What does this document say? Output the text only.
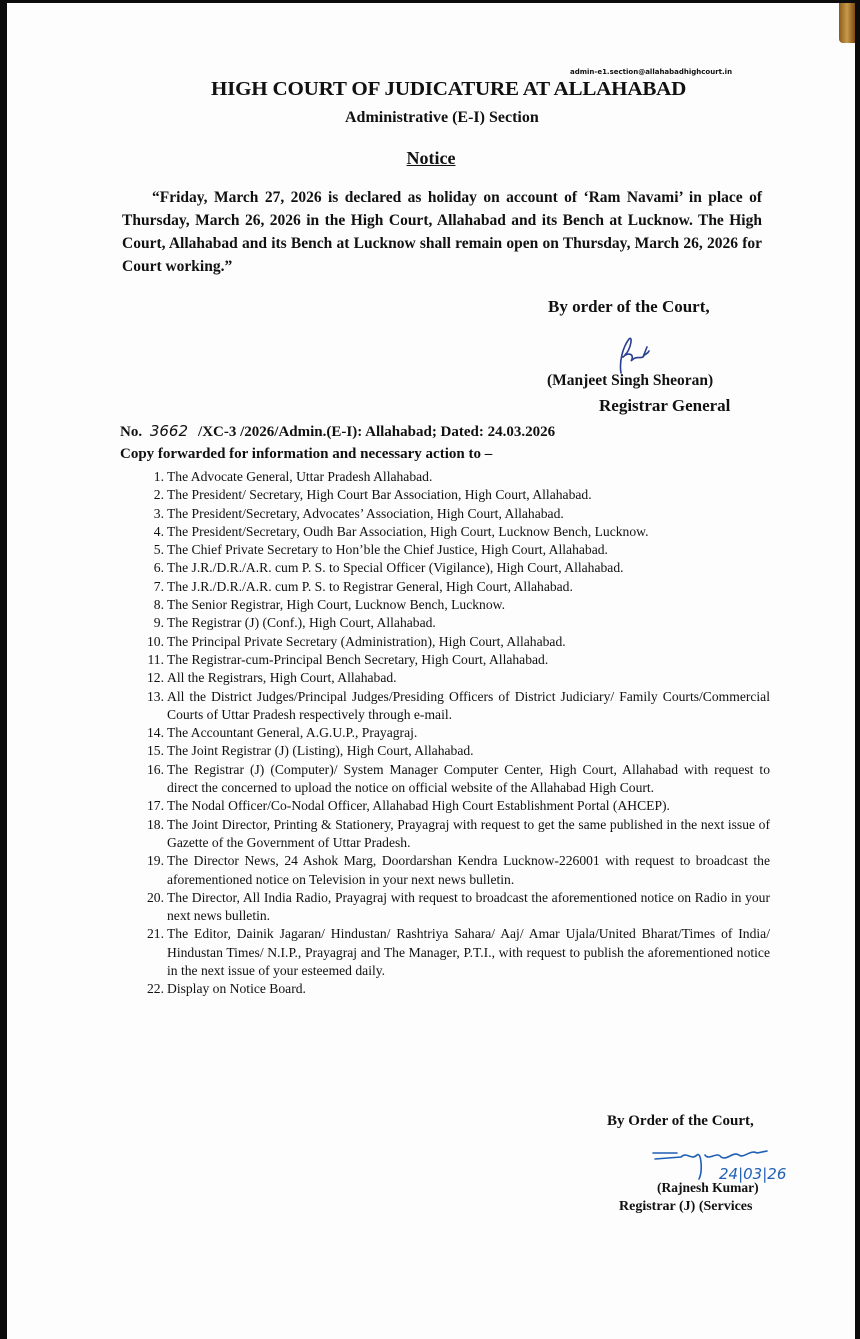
admin-e1.section@allahabadhighcourt.in
HIGH COURT OF JUDICATURE AT ALLAHABAD
Administrative (E-I) Section
Notice
“Friday, March 27, 2026 is declared as holiday on account of ‘Ram Navami’ in place of Thursday, March 26, 2026 in the High Court, Allahabad and its Bench at Lucknow. The High Court, Allahabad and its Bench at Lucknow shall remain open on Thursday, March 26, 2026 for Court working.”
By order of the Court,
(Manjeet Singh Sheoran)
Registrar General
No. 3662 /XC-3 /2026/Admin.(E-I): Allahabad; Dated: 24.03.2026
Copy forwarded for information and necessary action to –
1. The Advocate General, Uttar Pradesh Allahabad.
2. The President/ Secretary, High Court Bar Association, High Court, Allahabad.
3. The President/Secretary, Advocates’ Association, High Court, Allahabad.
4. The President/Secretary, Oudh Bar Association, High Court, Lucknow Bench, Lucknow.
5. The Chief Private Secretary to Hon’ble the Chief Justice, High Court, Allahabad.
6. The J.R./D.R./A.R. cum P. S. to Special Officer (Vigilance), High Court, Allahabad.
7. The J.R./D.R./A.R. cum P. S. to Registrar General, High Court, Allahabad.
8. The Senior Registrar, High Court, Lucknow Bench, Lucknow.
9. The Registrar (J) (Conf.), High Court, Allahabad.
10. The Principal Private Secretary (Administration), High Court, Allahabad.
11. The Registrar-cum-Principal Bench Secretary, High Court, Allahabad.
12. All the Registrars, High Court, Allahabad.
13. All the District Judges/Principal Judges/Presiding Officers of District Judiciary/ Family Courts/Commercial Courts of Uttar Pradesh respectively through e-mail.
14. The Accountant General, A.G.U.P., Prayagraj.
15. The Joint Registrar (J) (Listing), High Court, Allahabad.
16. The Registrar (J) (Computer)/ System Manager Computer Center, High Court, Allahabad with request to direct the concerned to upload the notice on official website of the Allahabad High Court.
17. The Nodal Officer/Co-Nodal Officer, Allahabad High Court Establishment Portal (AHCEP).
18. The Joint Director, Printing & Stationery, Prayagraj with request to get the same published in the next issue of Gazette of the Government of Uttar Pradesh.
19. The Director News, 24 Ashok Marg, Doordarshan Kendra Lucknow-226001 with request to broadcast the aforementioned notice on Television in your next news bulletin.
20. The Director, All India Radio, Prayagraj with request to broadcast the aforementioned notice on Radio in your next news bulletin.
21. The Editor, Dainik Jagaran/ Hindustan/ Rashtriya Sahara/ Aaj/ Amar Ujala/United Bharat/Times of India/ Hindustan Times/ N.I.P., Prayagraj and The Manager, P.T.I., with request to publish the aforementioned notice in the next issue of your esteemed daily.
22. Display on Notice Board.
By Order of the Court,
24|03|26
(Rajnesh Kumar)
Registrar (J) (Services
